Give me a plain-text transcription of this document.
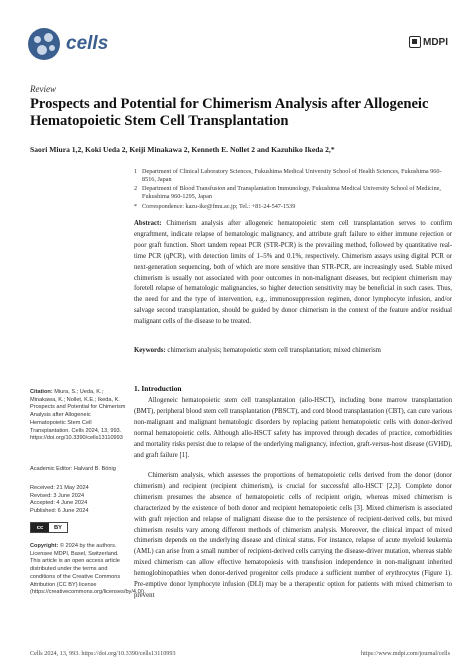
cells	MDPI
Review
Prospects and Potential for Chimerism Analysis after Allogeneic Hematopoietic Stem Cell Transplantation
Saori Miura 1,2, Koki Ueda 2, Keiji Minakawa 2, Kenneth E. Nollet 2 and Kazuhiko Ikeda 2,*
1 Department of Clinical Laboratory Sciences, Fukushima Medical University School of Health Sciences, Fukushima 960-8516, Japan
2 Department of Blood Transfusion and Transplantation Immunology, Fukushima Medical University School of Medicine, Fukushima 960-1295, Japan
* Correspondence: kazu-ike@fmu.ac.jp; Tel.: +81-24-547-1539
Abstract: Chimerism analysis after allogeneic hematopoietic stem cell transplantation serves to confirm engraftment, indicate relapse of hematologic malignancy, and attribute graft failure to either immune rejection or poor graft function. Short tandem repeat PCR (STR-PCR) is the prevailing method, followed by quantitative real-time PCR (qPCR), with detection limits of 1–5% and 0.1%, respectively. Chimerism assays using digital PCR or next-generation sequencing, both of which are more sensitive than STR-PCR, are increasingly used. Stable mixed chimerism is usually not associated with poor outcomes in non-malignant diseases, but recipient chimerism may foretell relapse of hematologic malignancies, so higher detection sensitivity may be beneficial in such cases. Thus, the need for and the type of intervention, e.g., immunosuppression regimen, donor lymphocyte infusion, and/or salvage second transplantation, should be guided by donor chimerism in the context of the feature and/or residual malignant cells of the disease to be treated.
Keywords: chimerism analysis; hematopoietic stem cell transplantation; mixed chimerism
Citation: Miura, S.; Ueda, K.; Minakawa, K.; Nollet, K.E.; Ikeda, K. Prospects and Potential for Chimerism Analysis after Allogeneic Hematopoietic Stem Cell Transplantation. Cells 2024, 13, 993. https://doi.org/10.3390/cells13110993
Academic Editor: Halvard B. Bönig
Received: 21 May 2024
Revised: 3 June 2024
Accepted: 4 June 2024
Published: 6 June 2024
cc	BY
Copyright: © 2024 by the authors. Licensee MDPI, Basel, Switzerland. This article is an open access article distributed under the terms and conditions of the Creative Commons Attribution (CC BY) license (https://creativecommons.org/licenses/by/4.0/).
1. Introduction
Allogeneic hematopoietic stem cell transplantation (allo-HSCT), including bone marrow transplantation (BMT), peripheral blood stem cell transplantation (PBSCT), and cord blood transplantation (CBT), can cure various non-malignant and malignant hematologic disorders by replacing patient hematopoietic cells with donor-derived normal hematopoietic cells. Although allo-HSCT safety has improved through decades of practice, comorbidities and mortality risks persist due to relapse of the underlying malignancy, infection, graft-versus-host disease (GVHD), and graft failure [1].
Chimerism analysis, which assesses the proportions of hematopoietic cells derived from the donor (donor chimerism) and recipient (recipient chimerism), is crucial for successful allo-HSCT [2,3]. Complete donor chimerism presumes the absence of hematopoietic cells of recipient origin, whereas mixed chimerism is characterized by the existence of both donor and recipient hematopoietic cells [3]. Mixed chimerism is associated with graft rejection and relapse of malignant disease due to the persistence of recipient-derived cells, but mixed chimerism results vary among different methods of chimerism analysis. Moreover, the clinical impact of mixed chimerism depends on the underlying disease and clinical status. For instance, relapse of acute myeloid leukemia (AML) can arise from a small number of recipient-derived cells carrying the disease-driver mutation, whereas stable mixed chimerism can allow effective hematopoiesis with transfusion independence in non-malignant inherited hemoglobinopathies when donor-derived progenitor cells produce a sufficient number of erythrocytes (Figure 1). Pre-emptive donor lymphocyte infusion (DLI) may be a therapeutic option for patients with mixed chimerism to prevent
Cells 2024, 13, 993. https://doi.org/10.3390/cells13110993	https://www.mdpi.com/journal/cells
